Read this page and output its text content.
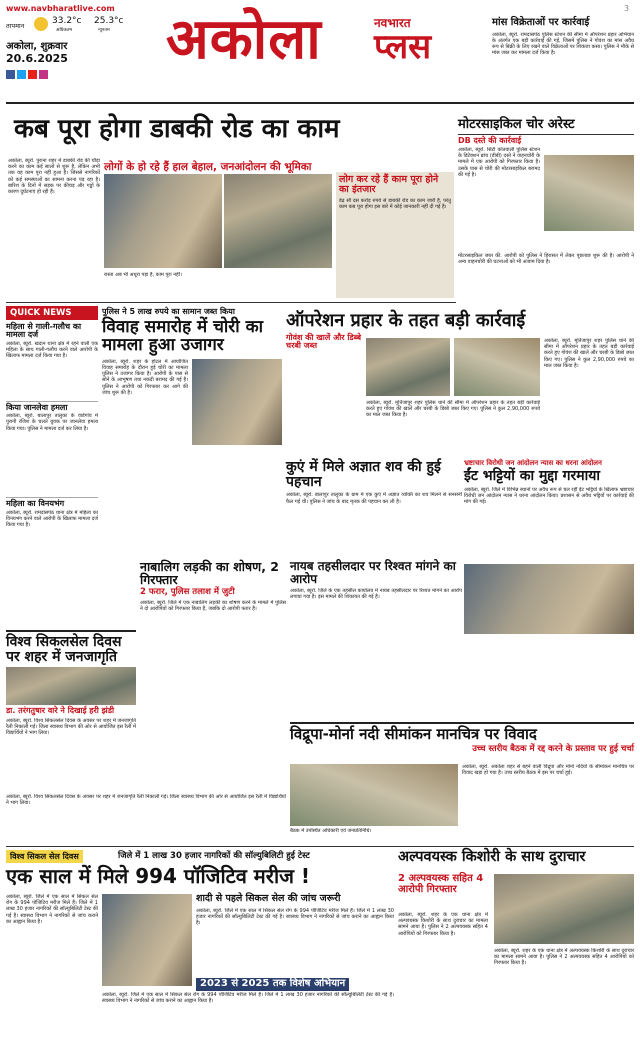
www.navbharatlive.com
तापमान	33.2°c
अधिकतम
25.3°c
न्यूनतम
अकोला, शुक्रवार
20.6.2025 अकोला	नवभारत
प्लस
3
मांस विक्रेताओं पर कार्रवाई
अकोला, ब्यूरो. रामदासपेठ पुलिस स्टेशन की सीमा में ऑपरेशन प्रहार अभियान के अंतर्गत एक बड़ी कार्रवाई की गई, जिसमें पुलिस ने गोवंश का मांस अवैध रूप से बिक्री के लिए रखने वाले विक्रेताओं पर शिकंजा कसा। पुलिस ने मौके से मांस जब्त कर मामला दर्ज किया है।
कब पूरा होगा डाबकी रोड का काम
लोगों के हो रहे हैं हाल बेहाल, जनआंदोलन की भूमिका
अकोला, ब्यूरो. पुराना शहर में डाबकी रोड की चौड़ा करने का काम कई सालों से शुरू है, लेकिन अभी तक यह काम पूरा नहीं हुआ है। जिससे नागरिकों को कई समस्याओं का सामना करना पड़ रहा है। बारिश के दिनों में सड़क पर कीचड़ और गड्ढों के कारण दुर्घटनाएं हो रही हैं।
रास्ता अब भी अधूरा पड़ा है, काम पूरा नहीं।
लोग कर रहे हैं काम पूरा होने का इंतजार
डेढ़ सौ दस करोड़ रुपये से डाबकी रोड का काम जारी है, परंतु काम कब पूरा होगा इस बारे में कोई जानकारी नहीं दी गई है।
मोटरसाइकिल चोर अरेस्ट
DB दस्ते की कार्रवाई
अकोला, ब्यूरो. सिटी कोतवाली पुलिस स्टेशन के डिटेक्शन ब्रांच (डीबी) दस्ते ने वाहनचोरी के मामले में एक आरोपी को गिरफ्तार किया है। उसके पास से चोरी की मोटरसाइकिल बरामद की गई है।
मोटरसाइकिल जब्त की. आरोपी को पुलिस ने हिरासत में लेकर पूछताछ शुरू की है। आरोपी ने अन्य वाहनचोरी की घटनाओं को भी अंजाम दिया है।
QUICK NEWS
महिला से गाली-गलौच का मामला दर्ज
अकोला, ब्यूरो. खदान थाना क्षेत्र में रहने वाली एक महिला के साथ गाली-गलौच करने वाले आरोपी के खिलाफ मामला दर्ज किया गया है।
किया जानलेवा हमला
अकोला, ब्यूरो. बालापुर तालुका के वाडेगांव में पुरानी रंजिश के चलते युवक पर जानलेवा हमला किया गया। पुलिस ने मामला दर्ज कर लिया है।
महिला का विनयभंग
अकोला, ब्यूरो. रामदासपेठ थाना क्षेत्र में महिला का विनयभंग करने वाले आरोपी के खिलाफ मामला दर्ज किया गया है।
पुलिस ने 5 लाख रुपये का सामान जब्त किया
विवाह समारोह में चोरी का मामला हुआ उजागर
अकोला, ब्यूरो. शहर के होटल में आयोजित विवाह समारोह के दौरान हुई चोरी का मामला पुलिस ने उजागर किया है। आरोपी के पास से सोने के आभूषण तथा नकदी बरामद की गई है। पुलिस ने आरोपी को गिरफ्तार कर आगे की जांच शुरू की है।
ऑपरेशन प्रहार के तहत बड़ी कार्रवाई
गोवंश की खालें और डिब्बे चरबी जब्त
अकोला, ब्यूरो. मूर्तिजापुर शहर पुलिस थाने की सीमा में ऑपरेशन प्रहार के तहत बड़ी कार्रवाई करते हुए गोवंश की खालें और चरबी के डिब्बे जब्त किए गए। पुलिस ने कुल 2,90,000 रुपये का माल जब्त किया है।
अकोला, ब्यूरो. मूर्तिजापुर शहर पुलिस थाने की सीमा में ऑपरेशन प्रहार के तहत बड़ी कार्रवाई करते हुए गोवंश की खालें और चरबी के डिब्बे जब्त किए गए। पुलिस ने कुल 2,90,000 रुपये का माल जब्त किया है।
कुएं में मिले अज्ञात शव की हुई पहचान
अकोला, ब्यूरो. बालापुर तालुका के ग्राम में एक कुएं में अज्ञात व्यक्ति का शव मिलने से सनसनी फैल गई थी। पुलिस ने जांच के बाद मृतक की पहचान कर ली है।
भ्रष्टाचार विरोधी जन आंदोलन न्यास का धरना आंदोलन
ईंट भट्टियों का मुद्दा गरमाया
अकोला, ब्यूरो. जिले में विभिन्न स्थानों पर अवैध रूप से चल रहीं ईंट भट्टियों के खिलाफ भ्रष्टाचार विरोधी जन आंदोलन न्यास ने धरना आंदोलन किया। प्रशासन से अवैध भट्टियों पर कार्रवाई की मांग की गई।
विश्व सिकलसेल दिवस पर शहर में जनजागृति
डा. तरंगतुषार वारे ने दिखाई हरी झंडी
अकोला, ब्यूरो. विश्व सिकलसेल दिवस के अवसर पर शहर में जनजागृति रैली निकाली गई। जिला स्वास्थ्य विभाग की ओर से आयोजित इस रैली में विद्यार्थियों ने भाग लिया।
नाबालिग लड़की का शोषण, 2 गिरफ्तार
2 फरार, पुलिस तलाश में जुटी
अकोला, ब्यूरो. जिले में एक नाबालिग लड़की का शोषण करने के मामले में पुलिस ने दो आरोपियों को गिरफ्तार किया है, जबकि दो आरोपी फरार हैं।
नायब तहसीलदार पर रिश्वत मांगने का आरोप
अकोला, ब्यूरो. जिले के एक तहसील कार्यालय में नायब तहसीलदार पर रिश्वत मांगने का आरोप लगाया गया है। इस मामले की शिकायत की गई है।
विद्रूपा-मोर्ना नदी सीमांकन मानचित्र पर विवाद
उच्च स्तरीय बैठक में रद्द करने के प्रस्ताव पर हुई चर्चा
बैठक में उपस्थित अधिकारी एवं जनप्रतिनिधि।
अकोला, ब्यूरो. अकोला शहर से बहने वाली विद्रूपा और मोर्ना नदियों के सीमांकन मानचित्र पर विवाद खड़ा हो गया है। उच्च स्तरीय बैठक में इस पर चर्चा हुई।
अकोला, ब्यूरो. विश्व सिकलसेल दिवस के अवसर पर शहर में जनजागृति रैली निकाली गई। जिला स्वास्थ्य विभाग की ओर से आयोजित इस रैली में विद्यार्थियों ने भाग लिया।
विश्व सिकल सेल दिवस	जिले में 1 लाख 30 हजार नागरिकों की सॉल्युबिलिटी हुई टेस्ट
एक साल में मिले 994 पॉजिटिव मरीज !
अकोला, ब्यूरो. जिले में एक साल में सिकल सेल रोग के 994 पॉजिटिव मरीज मिले हैं। जिले में 1 लाख 30 हजार नागरिकों की सॉल्युबिलिटी टेस्ट की गई है। स्वास्थ्य विभाग ने नागरिकों से जांच कराने का आह्वान किया है।
शादी से पहले सिकल सेल की जांच जरूरी
अकोला, ब्यूरो. जिले में एक साल में सिकल सेल रोग के 994 पॉजिटिव मरीज मिले हैं। जिले में 1 लाख 30 हजार नागरिकों की सॉल्युबिलिटी टेस्ट की गई है। स्वास्थ्य विभाग ने नागरिकों से जांच कराने का आह्वान किया है।
2023 से 2025 तक विशेष अभियान
अकोला, ब्यूरो. जिले में एक साल में सिकल सेल रोग के 994 पॉजिटिव मरीज मिले हैं। जिले में 1 लाख 30 हजार नागरिकों की सॉल्युबिलिटी टेस्ट की गई है। स्वास्थ्य विभाग ने नागरिकों से जांच कराने का आह्वान किया है।
अल्पवयस्क किशोरी के साथ दुराचार
2 अल्पवयस्क सहित 4 आरोपी गिरफ्तार
अकोला, ब्यूरो. शहर के एक थाना क्षेत्र में अल्पवयस्क किशोरी के साथ दुराचार का मामला सामने आया है। पुलिस ने 2 अल्पवयस्क सहित 4 आरोपियों को गिरफ्तार किया है।
अकोला, ब्यूरो. शहर के एक थाना क्षेत्र में अल्पवयस्क किशोरी के साथ दुराचार का मामला सामने आया है। पुलिस ने 2 अल्पवयस्क सहित 4 आरोपियों को गिरफ्तार किया है।
